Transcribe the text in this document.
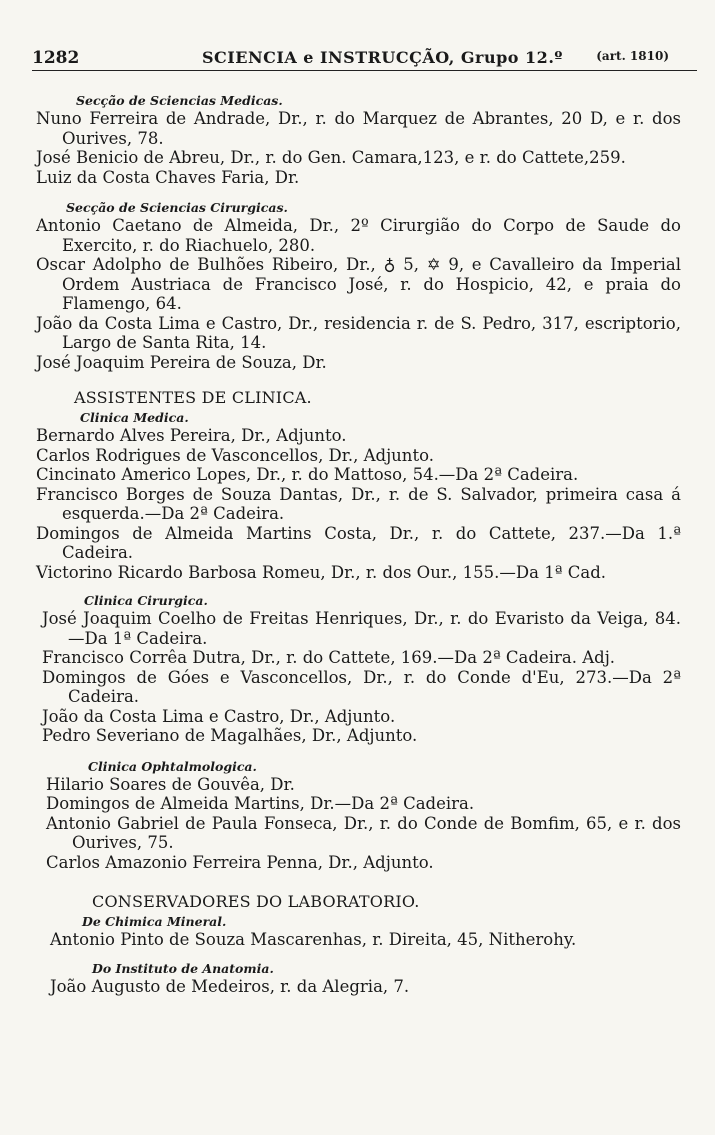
1282	SCIENCIA e INSTRUCÇÃO, Grupo 12.º	(art. 1810)
Secção de Sciencias Medicas.

Nuno Ferreira de Andrade, Dr., r. do Marquez de Abrantes, 20 D, e r. dos Ourives, 78.

José Benicio de Abreu, Dr., r. do Gen. Camara,123, e r. do Cattete,259.

Luiz da Costa Chaves Faria, Dr.

Secção de Sciencias Cirurgicas.

Antonio Caetano de Almeida, Dr., 2º Cirurgião do Corpo de Saude do Exercito, r. do Riachuelo, 280.

Oscar Adolpho de Bulhões Ribeiro, Dr., ♁ 5, ✡ 9, e Cavalleiro da Imperial Ordem Austriaca de Francisco José, r. do Hospicio, 42, e praia do Flamengo, 64.

João da Costa Lima e Castro, Dr., residencia r. de S. Pedro, 317, escriptorio, Largo de Santa Rita, 14.

José Joaquim Pereira de Souza, Dr.

ASSISTENTES DE CLINICA.
Clinica Medica.

Bernardo Alves Pereira, Dr., Adjunto.

Carlos Rodrigues de Vasconcellos, Dr., Adjunto.

Cincinato Americo Lopes, Dr., r. do Mattoso, 54.—Da 2ª Cadeira.

Francisco Borges de Souza Dantas, Dr., r. de S. Salvador, primeira casa á esquerda.—Da 2ª Cadeira.

Domingos de Almeida Martins Costa, Dr., r. do Cattete, 237.—Da 1.ª Cadeira.

Victorino Ricardo Barbosa Romeu, Dr., r. dos Our., 155.—Da 1ª Cad.

Clinica Cirurgica.

José Joaquim Coelho de Freitas Henriques, Dr., r. do Evaristo da Veiga, 84.—Da 1ª Cadeira.

Francisco Corrêa Dutra, Dr., r. do Cattete, 169.—Da 2ª Cadeira. Adj.

Domingos de Góes e Vasconcellos, Dr., r. do Conde d'Eu, 273.—Da 2ª Cadeira.

João da Costa Lima e Castro, Dr., Adjunto.

Pedro Severiano de Magalhães, Dr., Adjunto.

Clinica Ophtalmologica.

Hilario Soares de Gouvêa, Dr.

Domingos de Almeida Martins, Dr.—Da 2ª Cadeira.

Antonio Gabriel de Paula Fonseca, Dr., r. do Conde de Bomfim, 65, e r. dos Ourives, 75.

Carlos Amazonio Ferreira Penna, Dr., Adjunto.

CONSERVADORES DO LABORATORIO.
De Chimica Mineral.

Antonio Pinto de Souza Mascarenhas, r. Direita, 45, Nitherohy.

Do Instituto de Anatomia.

João Augusto de Medeiros, r. da Alegria, 7.
